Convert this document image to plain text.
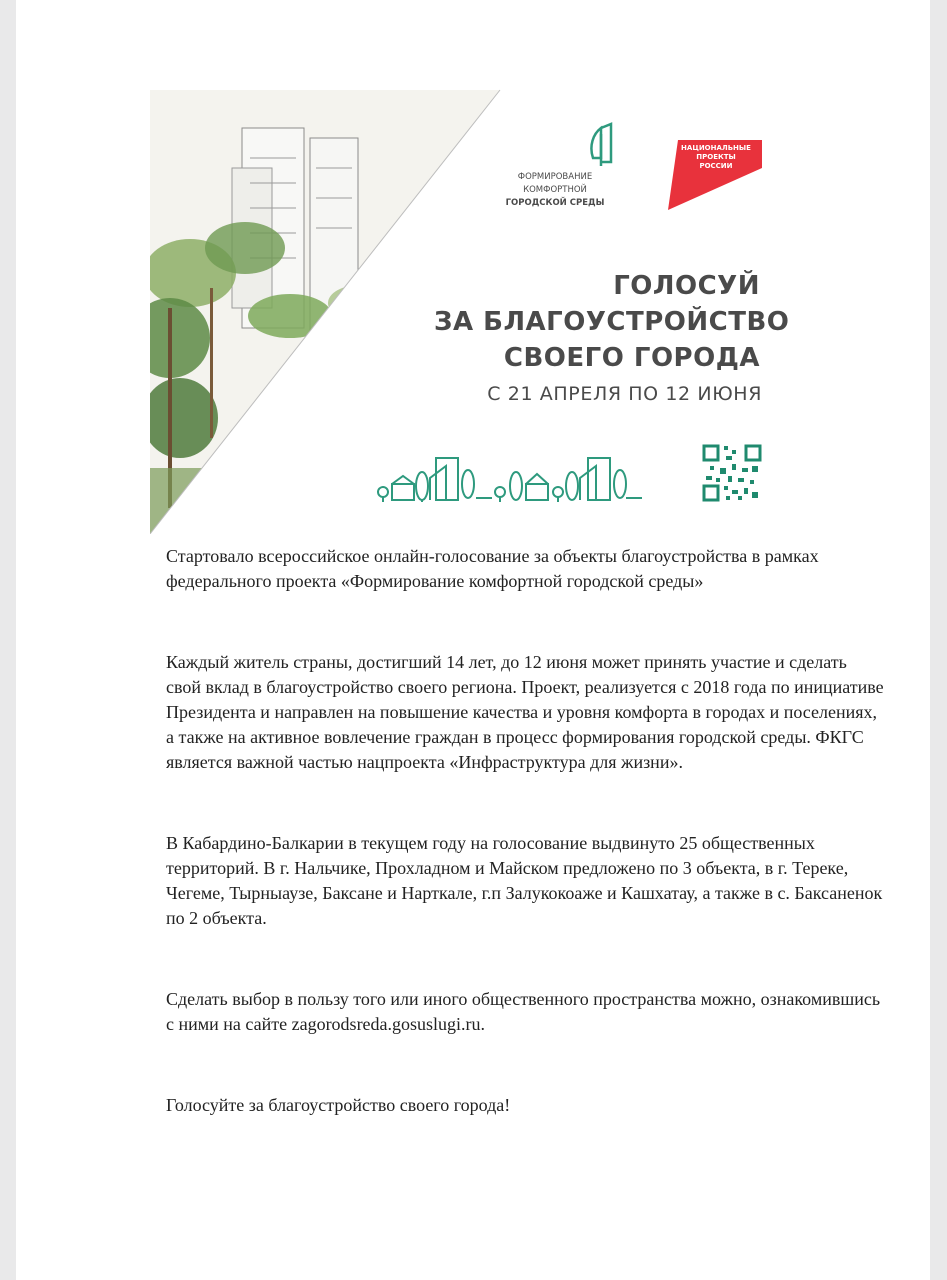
ФОРМИРОВАНИЕ
КОМФОРТНОЙ
ГОРОДСКОЙ СРЕДЫ
НАЦИОНАЛЬНЫЕ
ПРОЕКТЫ
РОССИИ
ГОЛОСУЙ
ЗА БЛАГОУСТРОЙСТВО
СВОЕГО ГОРОДА
С 21 АПРЕЛЯ ПО 12 ИЮНЯ

Стартовало всероссийское онлайн-голосование за объекты благоустройства в рамках федерального проекта «Формирование комфортной городской среды»

Каждый житель страны, достигший 14 лет, до 12 июня может принять участие и сделать свой вклад в благоустройство своего региона. Проект, реализуется с 2018 года по инициативе Президента и направлен на повышение качества и уровня комфорта в городах и поселениях, а также на активное вовлечение граждан в процесс формирования городской среды. ФКГС является важной частью нацпроекта «Инфраструктура для жизни».

В Кабардино-Балкарии в текущем году на голосование выдвинуто 25 общественных территорий. В г. Нальчике, Прохладном и Майском предложено по 3 объекта, в г. Тереке, Чегеме, Тырныаузе, Баксане и Нарткале, г.п Залукокоаже и Кашхатау, а также в с. Баксаненок по 2 объекта.

Сделать выбор в пользу того или иного общественного пространства можно, ознакомившись с ними на сайте zagorodsreda.gosuslugi.ru.

Голосуйте за благоустройство своего города!
